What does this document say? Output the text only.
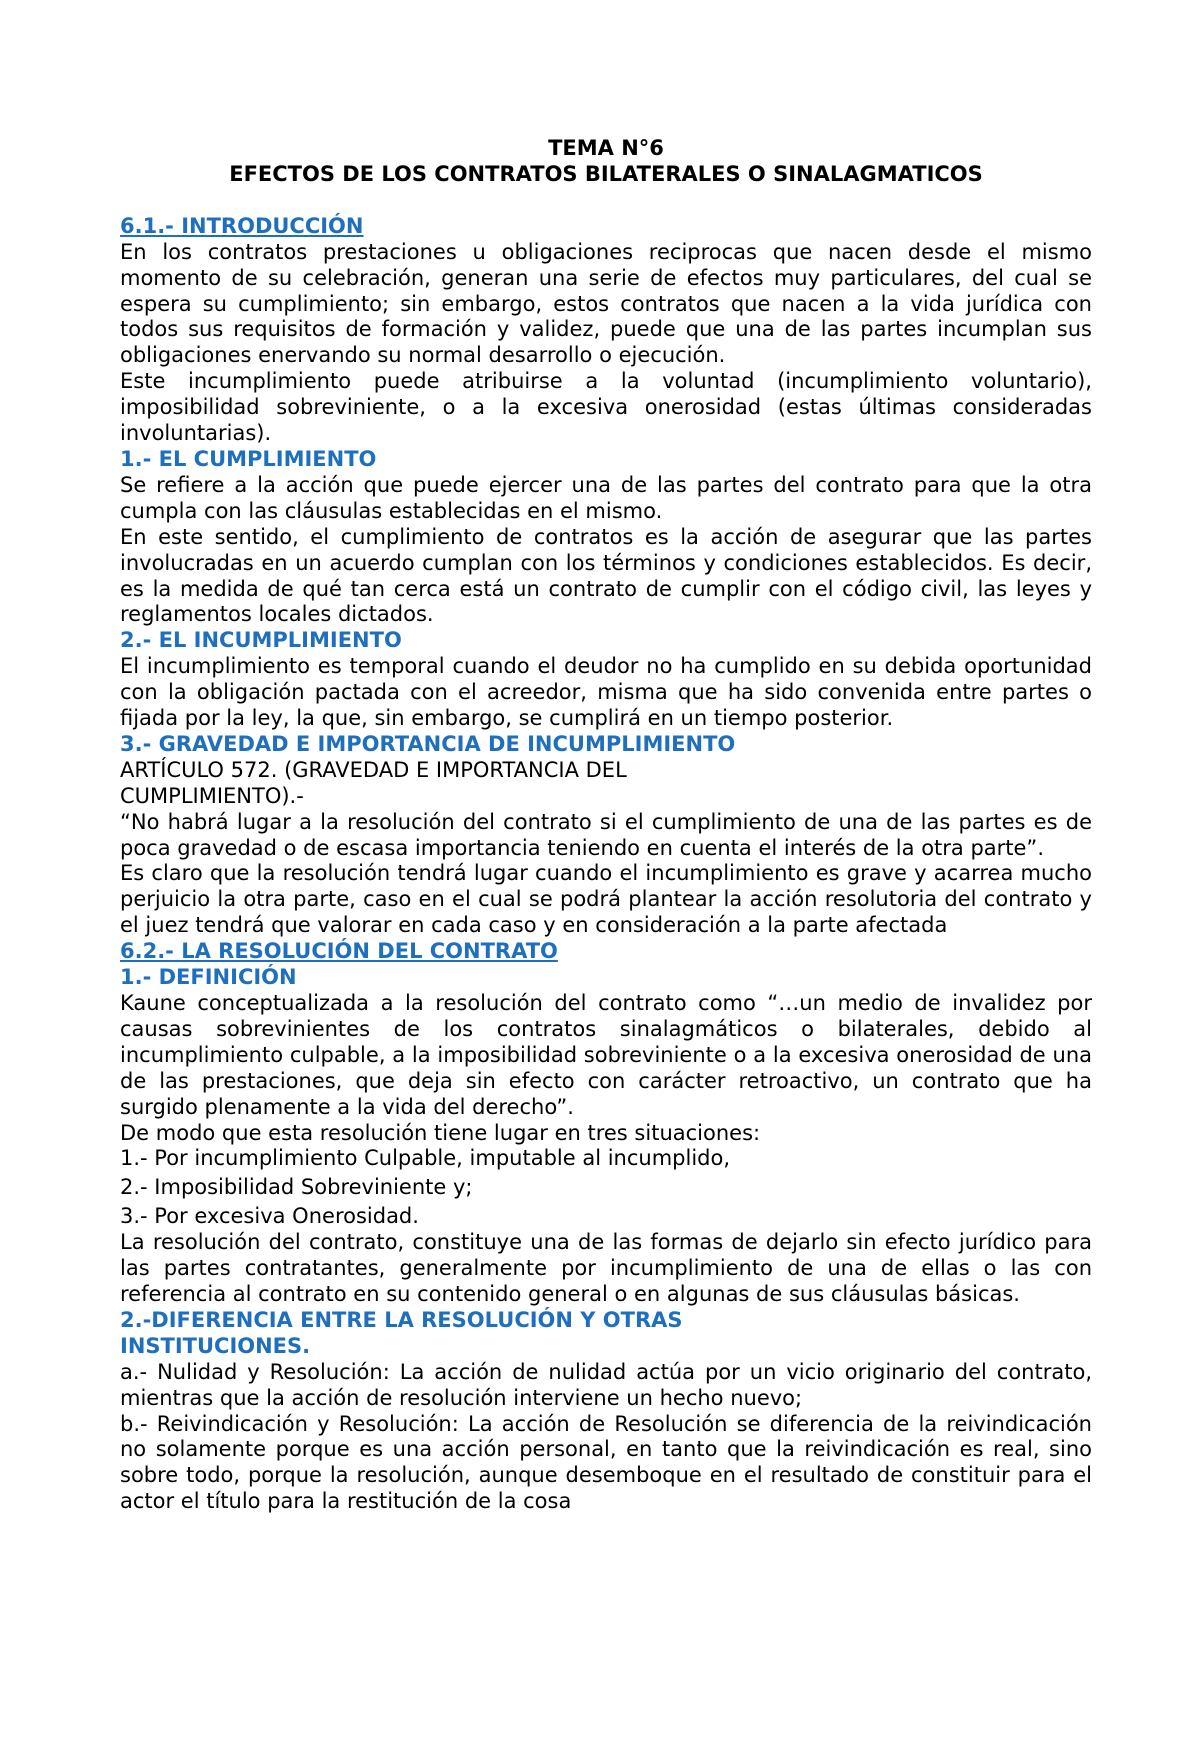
TEMA N°6
EFECTOS DE LOS CONTRATOS BILATERALES O SINALAGMATICOS
6.1.- INTRODUCCIÓN

En los contratos prestaciones u obligaciones reciprocas que nacen desde el mismo momento de su celebración, generan una serie de efectos muy particulares, del cual se espera su cumplimiento; sin embargo, estos contratos que nacen a la vida jurídica con todos sus requisitos de formación y validez, puede que una de las partes incumplan sus obligaciones enervando su normal desarrollo o ejecución.

Este incumplimiento puede atribuirse a la voluntad (incumplimiento voluntario), imposibilidad sobreviniente, o a la excesiva onerosidad (estas últimas consideradas involuntarias).

1.- EL CUMPLIMIENTO

Se refiere a la acción que puede ejercer una de las partes del contrato para que la otra cumpla con las cláusulas establecidas en el mismo.

En este sentido, el cumplimiento de contratos es la acción de asegurar que las partes involucradas en un acuerdo cumplan con los términos y condiciones establecidos. Es decir, es la medida de qué tan cerca está un contrato de cumplir con el código civil, las leyes y reglamentos locales dictados.

2.- EL INCUMPLIMIENTO

El incumplimiento es temporal cuando el deudor no ha cumplido en su debida oportunidad con la obligación pactada con el acreedor, misma que ha sido convenida entre partes o fijada por la ley, la que, sin embargo, se cumplirá en un tiempo posterior.

3.- GRAVEDAD E IMPORTANCIA DE INCUMPLIMIENTO

ARTÍCULO 572. (GRAVEDAD E IMPORTANCIA DEL

CUMPLIMIENTO).-

“No habrá lugar a la resolución del contrato si el cumplimiento de una de las partes es de poca gravedad o de escasa importancia teniendo en cuenta el interés de la otra parte”.

Es claro que la resolución tendrá lugar cuando el incumplimiento es grave y acarrea mucho perjuicio la otra parte, caso en el cual se podrá plantear la acción resolutoria del contrato y el juez tendrá que valorar en cada caso y en consideración a la parte afectada

6.2.- LA RESOLUCIÓN DEL CONTRATO
1.- DEFINICIÓN

Kaune conceptualizada a la resolución del contrato como “…un medio de invalidez por causas sobrevinientes de los contratos sinalagmáticos o bilaterales, debido al incumplimiento culpable, a la imposibilidad sobreviniente o a la excesiva onerosidad de una de las prestaciones, que deja sin efecto con carácter retroactivo, un contrato que ha surgido plenamente a la vida del derecho”.

De modo que esta resolución tiene lugar en tres situaciones:

1.- Por incumplimiento Culpable, imputable al incumplido,
2.- Imposibilidad Sobreviniente y;
3.- Por excesiva Onerosidad.

La resolución del contrato, constituye una de las formas de dejarlo sin efecto jurídico para las partes contratantes, generalmente por incumplimiento de una de ellas o las con referencia al contrato en su contenido general o en algunas de sus cláusulas básicas.

2.-DIFERENCIA ENTRE LA RESOLUCIÓN Y OTRAS
INSTITUCIONES.

a.- Nulidad y Resolución: La acción de nulidad actúa por un vicio originario del contrato, mientras que la acción de resolución interviene un hecho nuevo;

b.- Reivindicación y Resolución: La acción de Resolución se diferencia de la reivindicación no solamente porque es una acción personal, en tanto que la reivindicación es real, sino sobre todo, porque la resolución, aunque desemboque en el resultado de constituir para el actor el título para la restitución de la cosa
